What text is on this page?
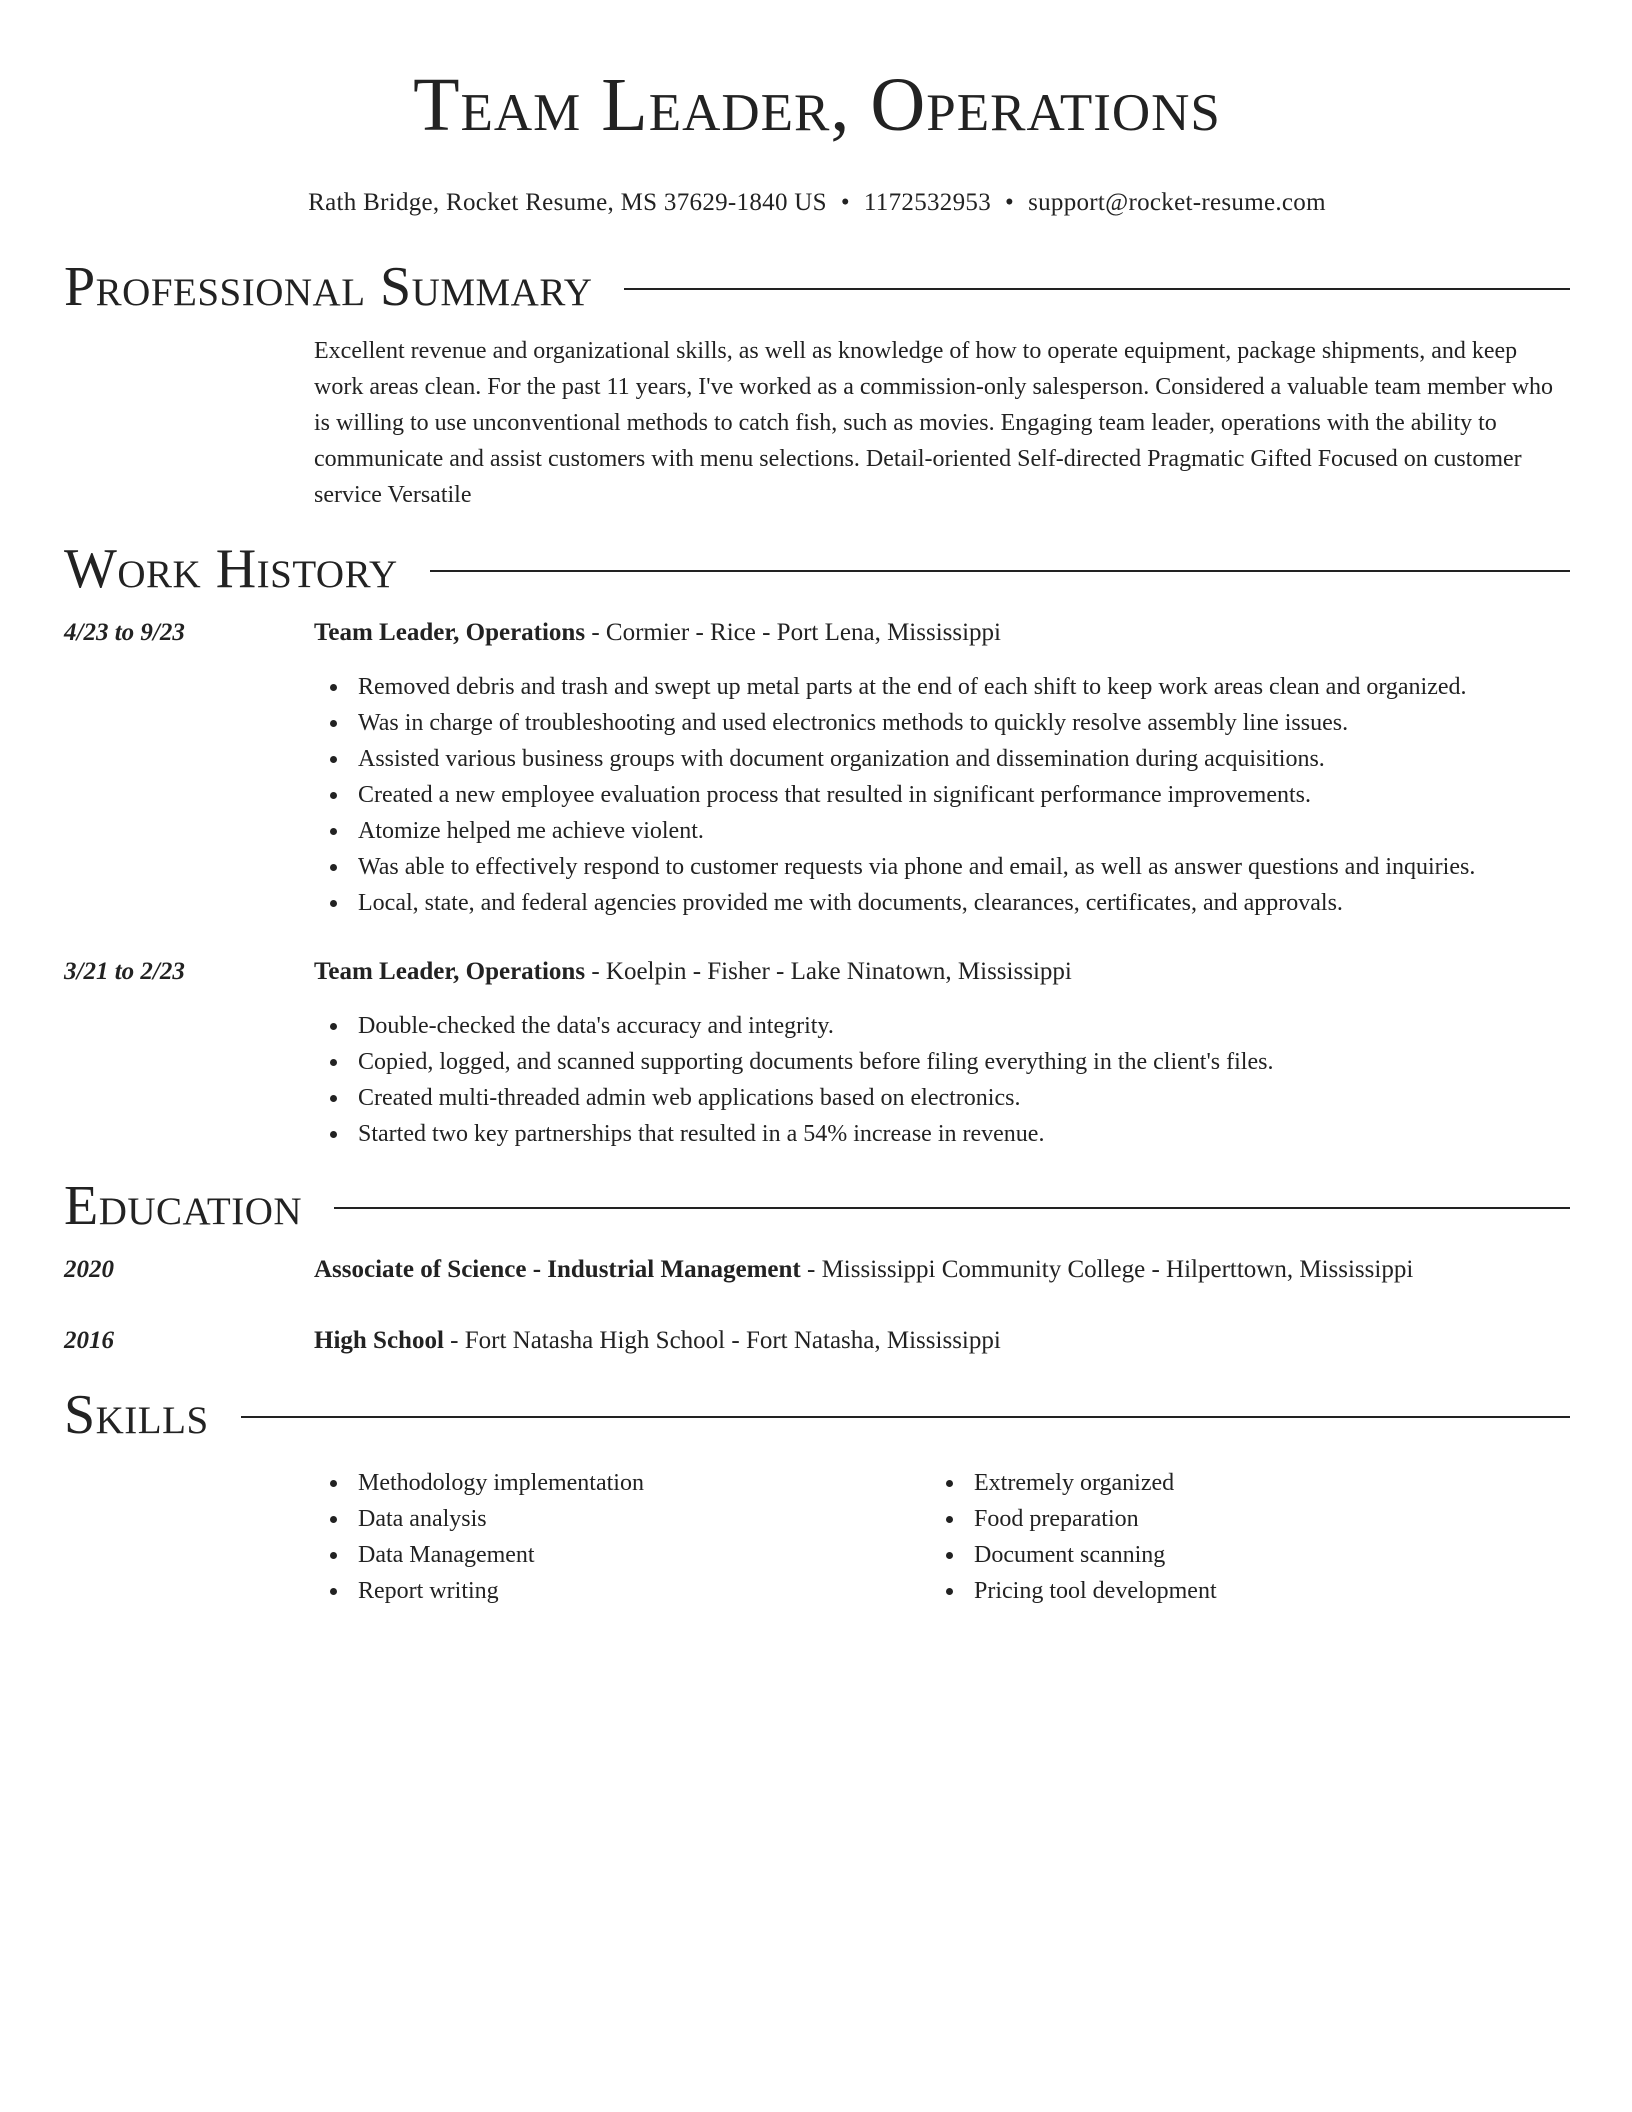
Team Leader, Operations
Rath Bridge, Rocket Resume, MS 37629-1840 US • 1172532953 • support@rocket-resume.com
Professional Summary

Excellent revenue and organizational skills, as well as knowledge of how to operate equipment, package shipments, and keep work areas clean. For the past 11 years, I've worked as a commission-only salesperson. Considered a valuable team member who is willing to use unconventional methods to catch fish, such as movies. Engaging team leader, operations with the ability to communicate and assist customers with menu selections. Detail-oriented Self-directed Pragmatic Gifted Focused on customer service Versatile

Work History
4/23 to 9/23	Team Leader, Operations - Cormier - Rice - Port Lena, Mississippi
Removed debris and trash and swept up metal parts at the end of each shift to keep work areas clean and organized.
Was in charge of troubleshooting and used electronics methods to quickly resolve assembly line issues.
Assisted various business groups with document organization and dissemination during acquisitions.
Created a new employee evaluation process that resulted in significant performance improvements.
Atomize helped me achieve violent.
Was able to effectively respond to customer requests via phone and email, as well as answer questions and inquiries.
Local, state, and federal agencies provided me with documents, clearances, certificates, and approvals.
3/21 to 2/23	Team Leader, Operations - Koelpin - Fisher - Lake Ninatown, Mississippi
Double-checked the data's accuracy and integrity.
Copied, logged, and scanned supporting documents before filing everything in the client's files.
Created multi-threaded admin web applications based on electronics.
Started two key partnerships that resulted in a 54% increase in revenue.
Education
2020	Associate of Science - Industrial Management - Mississippi Community College - Hilperttown, Mississippi
2016	High School - Fort Natasha High School - Fort Natasha, Mississippi
Skills
Methodology implementation
Data analysis
Data Management
Report writing
Extremely organized
Food preparation
Document scanning
Pricing tool development
